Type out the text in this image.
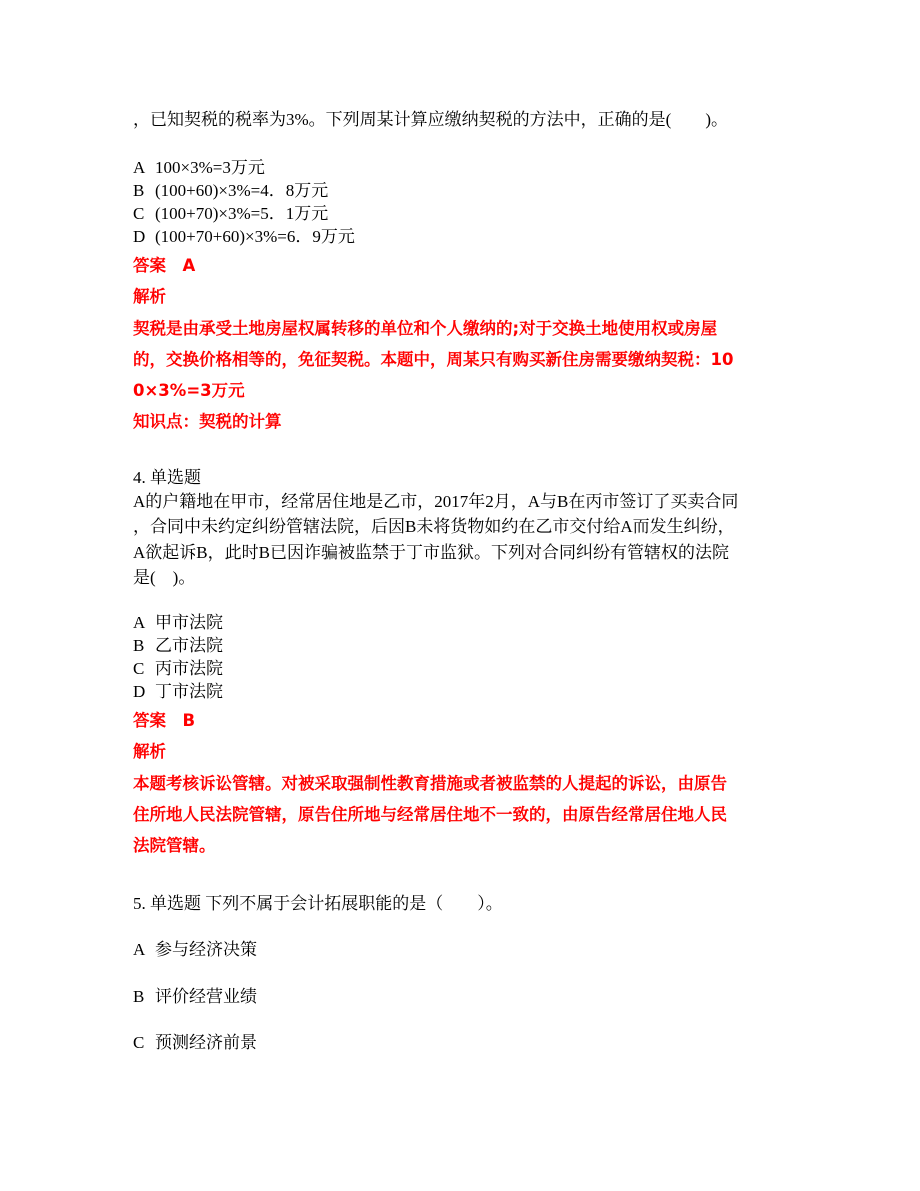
，已知契税的税率为3%。下列周某计算应缴纳契税的方法中，正确的是(　　)。
A 100×3%=3万元
B (100+60)×3%=4．8万元
C (100+70)×3%=5．1万元
D (100+70+60)×3%=6．9万元
答案　A
解析
契税是由承受土地房屋权属转移的单位和个人缴纳的;对于交换土地使用权或房屋
的，交换价格相等的，免征契税。本题中，周某只有购买新住房需要缴纳契税：10
0×3%=3万元
知识点：契税的计算
4. 单选题
A的户籍地在甲市，经常居住地是乙市，2017年2月，A与B在丙市签订了买卖合同
，合同中未约定纠纷管辖法院，后因B未将货物如约在乙市交付给A而发生纠纷，
A欲起诉B，此时B已因诈骗被监禁于丁市监狱。下列对合同纠纷有管辖权的法院
是(　)。
A 甲市法院
B 乙市法院
C 丙市法院
D 丁市法院
答案　B
解析
本题考核诉讼管辖。对被采取强制性教育措施或者被监禁的人提起的诉讼，由原告
住所地人民法院管辖，原告住所地与经常居住地不一致的，由原告经常居住地人民
法院管辖。
5. 单选题 下列不属于会计拓展职能的是（　　）。
A 参与经济决策
B 评价经营业绩
C 预测经济前景
